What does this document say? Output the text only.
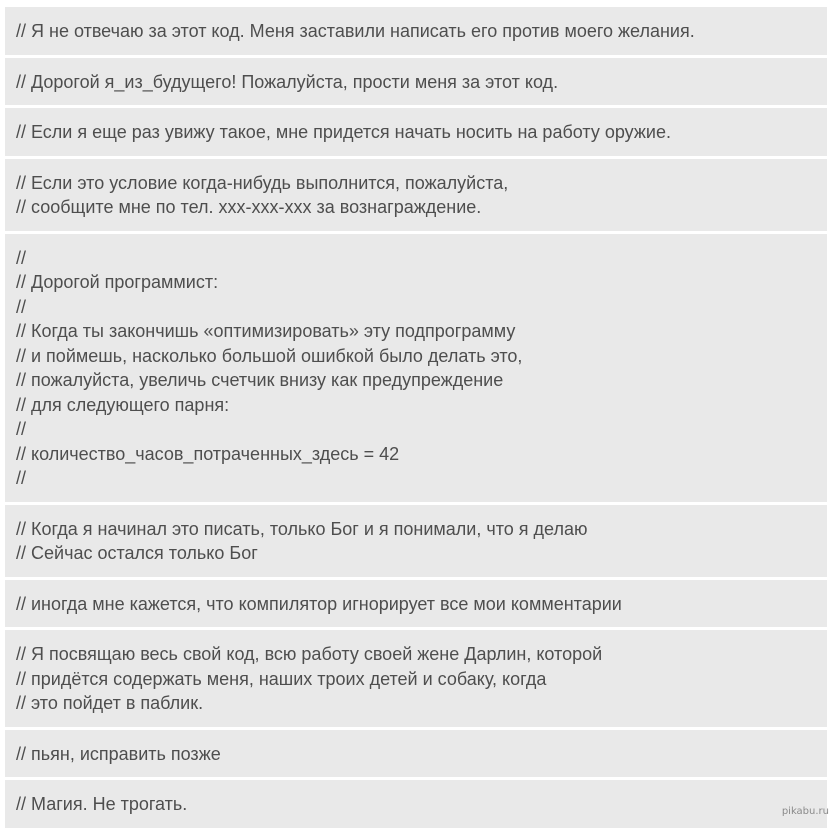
// Я не отвечаю за этот код. Меня заставили написать его против моего желания.
// Дорогой я_из_будущего! Пожалуйста, прости меня за этот код.
// Если я еще раз увижу такое, мне придется начать носить на работу оружие.
// Если это условие когда-нибудь выполнится, пожалуйста,
// сообщите мне по тел. xxx-xxx-xxx за вознаграждение.
//
// Дорогой программист:
//
// Когда ты закончишь «оптимизировать» эту подпрограмму
// и поймешь, насколько большой ошибкой было делать это,
// пожалуйста, увеличь счетчик внизу как предупреждение
// для следующего парня:
//
// количество_часов_потраченных_здесь = 42
//
// Когда я начинал это писать, только Бог и я понимали, что я делаю
// Сейчас остался только Бог
// иногда мне кажется, что компилятор игнорирует все мои комментарии
// Я посвящаю весь свой код, всю работу своей жене Дарлин, которой
// придётся содержать меня, наших троих детей и собаку, когда
// это пойдет в паблик.
// пьян, исправить позже
// Магия. Не трогать.	pikabu.ru
